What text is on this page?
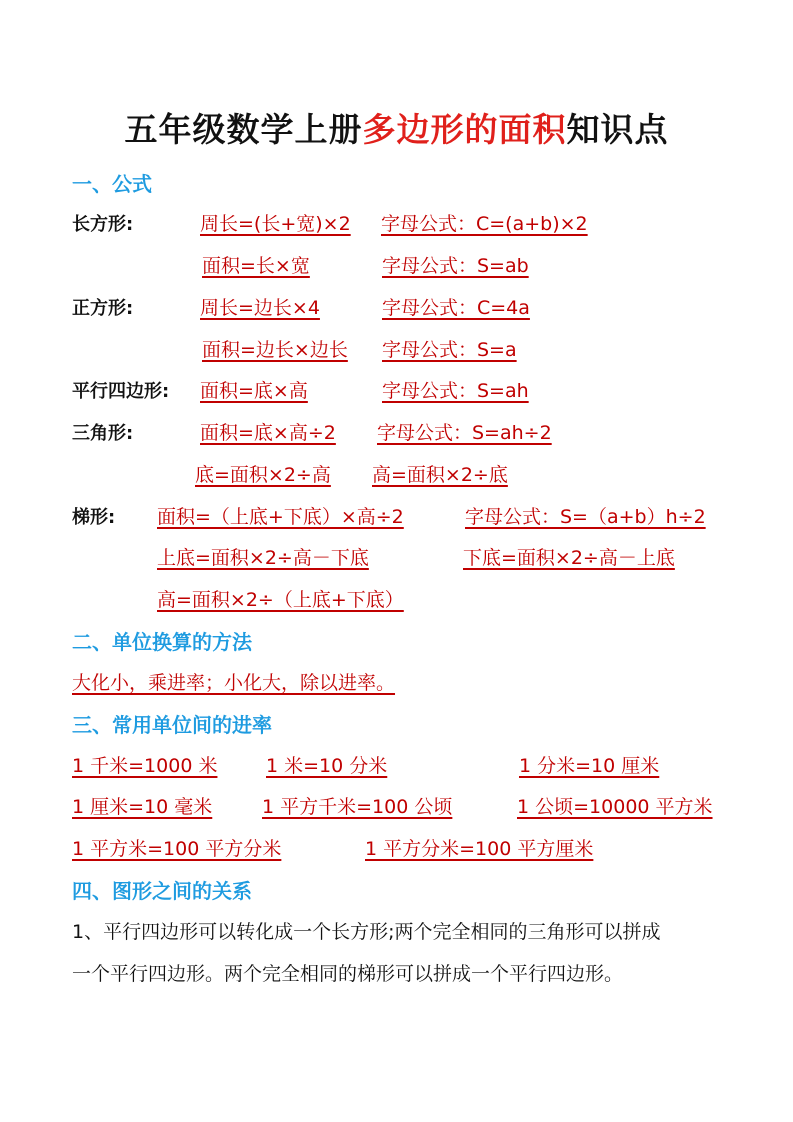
五年级数学上册多边形的面积知识点
一、公式
长方形:	周长=(长+宽)×2 字母公式：C=(a+b)×2
面积=长×宽	字母公式：S=ab
正方形:	周长=边长×4	字母公式：C=4a
面积=边长×边长 字母公式：S=a
平行四边形: 面积=底×高	字母公式：S=ah
三角形:	面积=底×高÷2 字母公式：S=ah÷2
底=面积×2÷高 高=面积×2÷底
梯形: 面积=（上底+下底）×高÷2	字母公式：S=（a+b）h÷2
上底=面积×2÷高－下底	下底=面积×2÷高－上底
高=面积×2÷（上底+下底）
二、单位换算的方法
大化小，乘进率；小化大，除以进率。
三、常用单位间的进率
1 千米=1000 米	1 米=10 分米	1 分米=10 厘米
1 厘米=10 毫米	1 平方千米=100 公顷	1 公顷=10000 平方米
1 平方米=100 平方分米	1 平方分米=100 平方厘米
四、图形之间的关系
1、平行四边形可以转化成一个长方形;两个完全相同的三角形可以拼成
一个平行四边形。两个完全相同的梯形可以拼成一个平行四边形。
